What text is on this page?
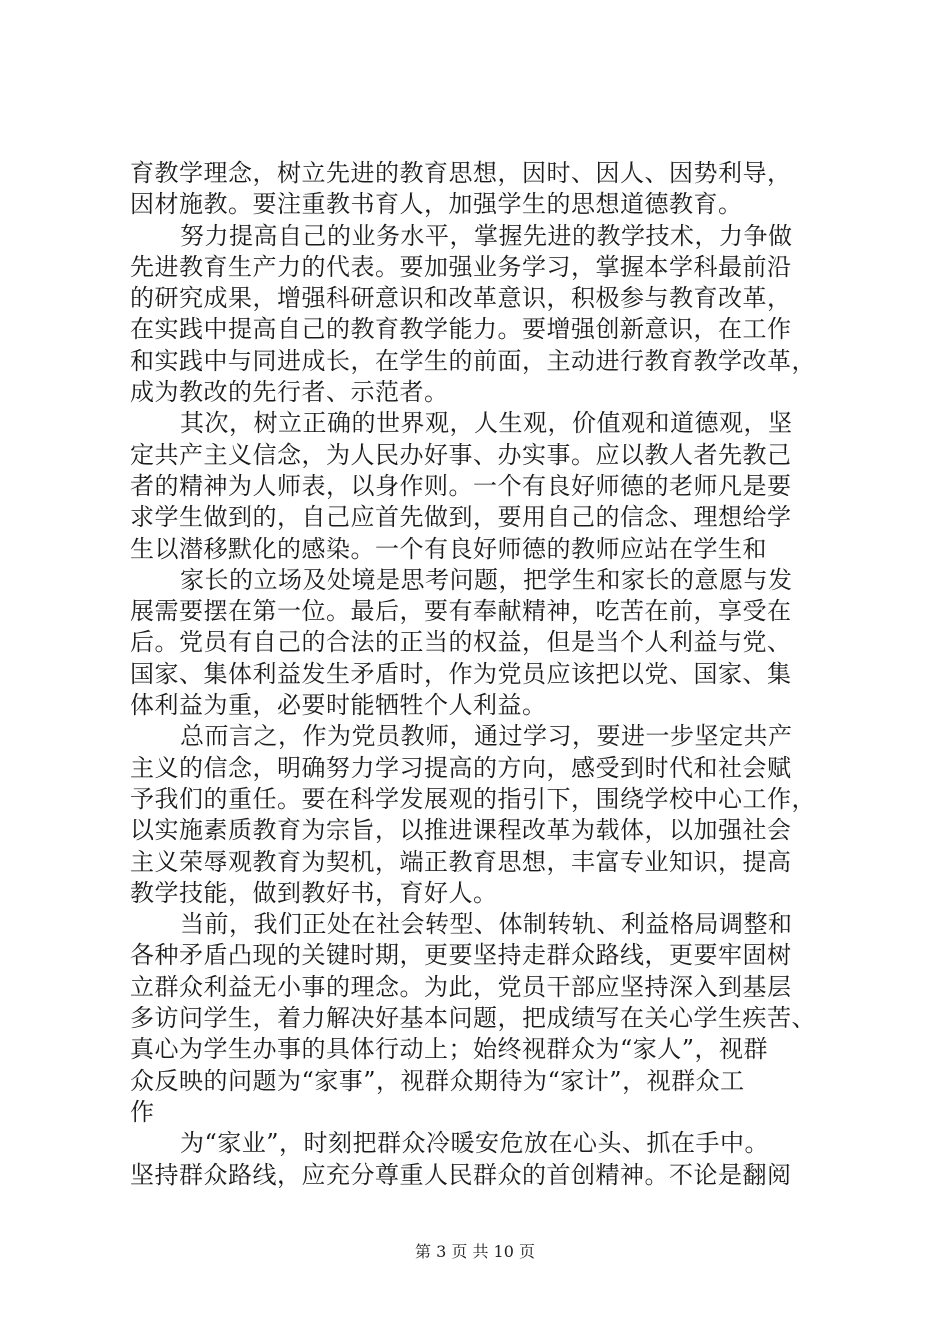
育教学理念，树立先进的教育思想，因时、因人、因势利导，
因材施教。要注重教书育人，加强学生的思想道德教育。
努力提高自己的业务水平，掌握先进的教学技术，力争做
先进教育生产力的代表。要加强业务学习，掌握本学科最前沿
的研究成果，增强科研意识和改革意识，积极参与教育改革，
在实践中提高自己的教育教学能力。要增强创新意识，在工作
和实践中与同进成长，在学生的前面，主动进行教育教学改革，
成为教改的先行者、示范者。
其次，树立正确的世界观，人生观，价值观和道德观，坚
定共产主义信念，为人民办好事、办实事。应以教人者先教己
者的精神为人师表，以身作则。一个有良好师德的老师凡是要
求学生做到的，自己应首先做到，要用自己的信念、理想给学
生以潜移默化的感染。一个有良好师德的教师应站在学生和
家长的立场及处境是思考问题，把学生和家长的意愿与发
展需要摆在第一位。最后，要有奉献精神，吃苦在前，享受在
后。党员有自己的合法的正当的权益，但是当个人利益与党、
国家、集体利益发生矛盾时，作为党员应该把以党、国家、集
体利益为重，必要时能牺牲个人利益。
总而言之，作为党员教师，通过学习，要进一步坚定共产
主义的信念，明确努力学习提高的方向，感受到时代和社会赋
予我们的重任。要在科学发展观的指引下，围绕学校中心工作，
以实施素质教育为宗旨，以推进课程改革为载体，以加强社会
主义荣辱观教育为契机，端正教育思想，丰富专业知识，提高
教学技能，做到教好书，育好人。
当前，我们正处在社会转型、体制转轨、利益格局调整和
各种矛盾凸现的关键时期，更要坚持走群众路线，更要牢固树
立群众利益无小事的理念。为此，党员干部应坚持深入到基层
多访问学生，着力解决好基本问题，把成绩写在关心学生疾苦、
真心为学生办事的具体行动上；始终视群众为“家人”，视群
众反映的问题为“家事”，视群众期待为“家计”，视群众工
作
为“家业”，时刻把群众冷暖安危放在心头、抓在手中。
坚持群众路线，应充分尊重人民群众的首创精神。不论是翻阅
第 3 页 共 10 页
